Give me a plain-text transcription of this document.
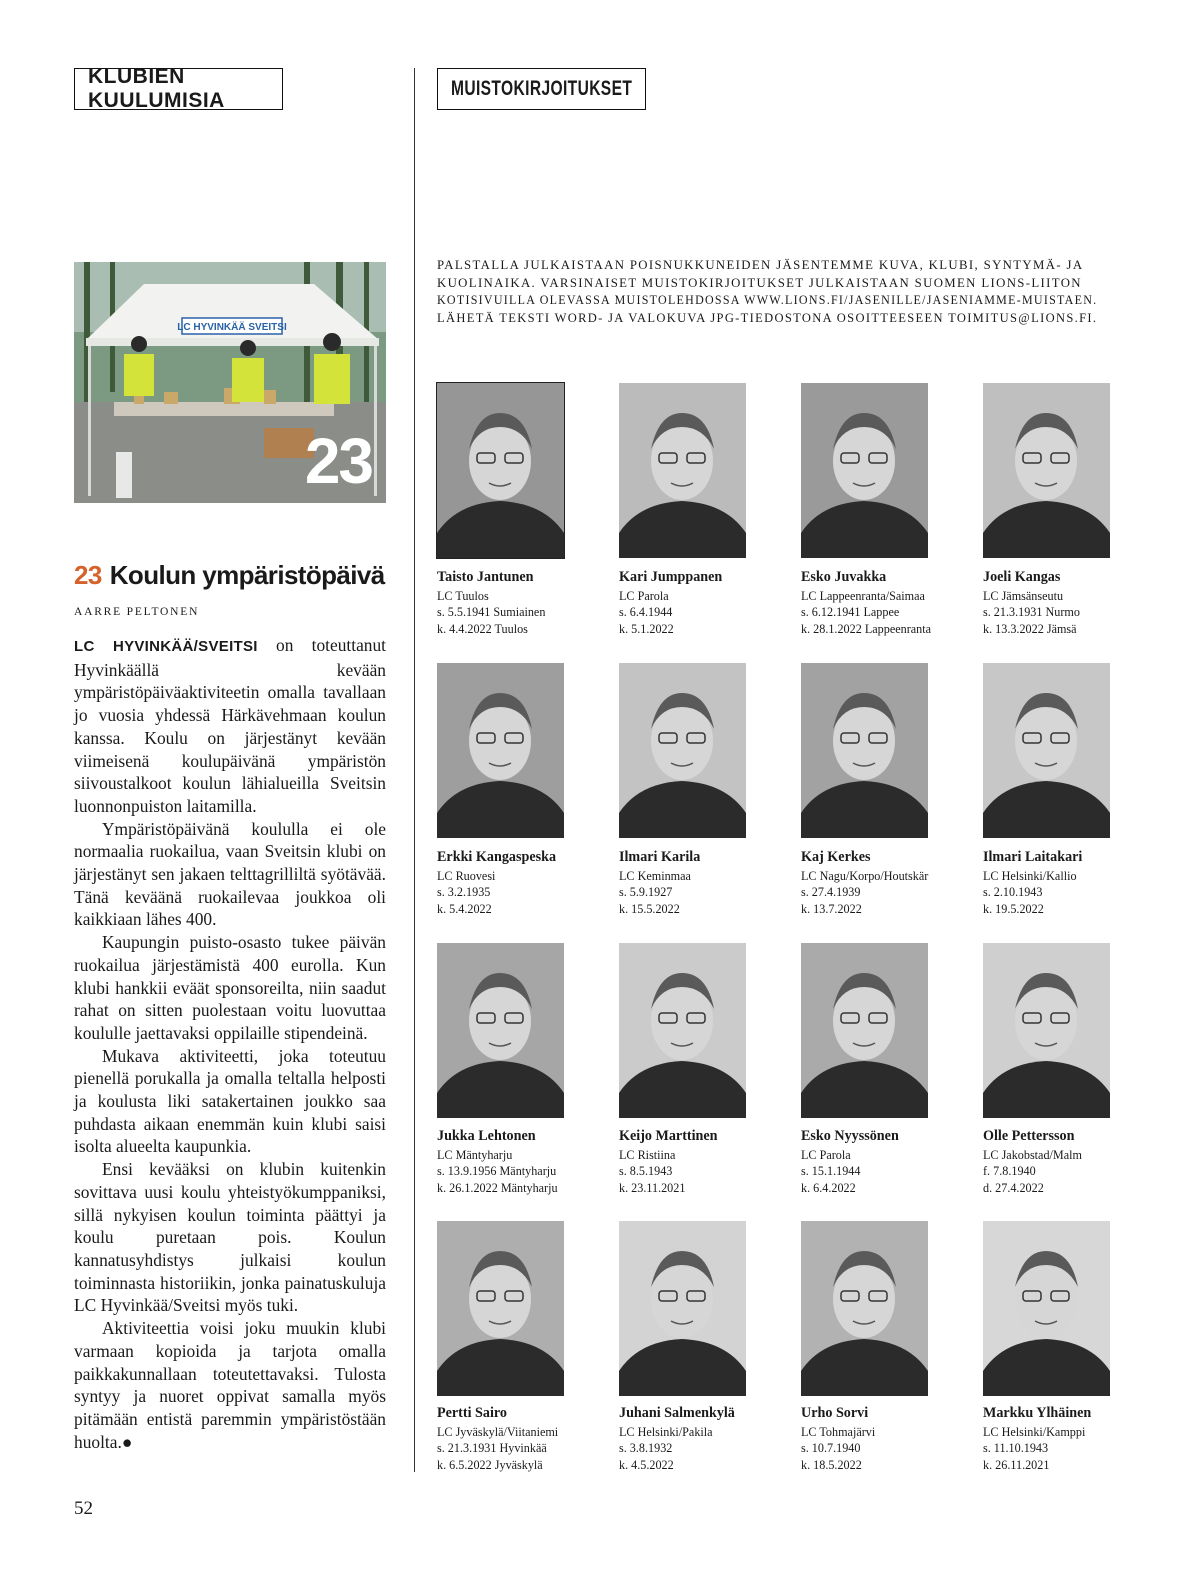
KLUBIEN KUULUMISIA
MUISTOKIRJOITUKSET
LC HYVINKÄÄ SVEITSI
23
23 Koulun ympäristöpäivä
AARRE PELTONEN

LC HYVINKÄÄ/SVEITSI on toteuttanut Hyvinkäällä kevään ympäristöpäiväaktiviteetin omalla tavallaan jo vuosia yhdessä Härkävehmaan koulun kanssa. Koulu on järjestänyt kevään viimeisenä koulupäivänä ympäristön siivoustalkoot koulun lähialueilla Sveitsin luonnonpuiston laitamilla.

Ympäristöpäivänä koululla ei ole normaalia ruokailua, vaan Sveitsin klubi on järjestänyt sen jakaen telttagrilliltä syötävää. Tänä keväänä ruokailevaa joukkoa oli kaikkiaan lähes 400.

Kaupungin puisto-osasto tukee päivän ruokailua järjestämistä 400 eurolla. Kun klubi hankkii eväät sponsoreilta, niin saadut rahat on sitten puolestaan voitu luovuttaa koululle jaettavaksi oppilaille stipendeinä.

Mukava aktiviteetti, joka toteutuu pienellä porukalla ja omalla teltalla helposti ja koulusta liki satakertainen joukko saa puhdasta aikaan enemmän kuin klubi saisi isolta alueelta kaupunkia.

Ensi kevääksi on klubin kuitenkin sovittava uusi koulu yhteistyökumppaniksi, sillä nykyisen koulun toiminta päättyi ja koulu puretaan pois. Koulun kannatusyhdistys julkaisi koulun toiminnasta historiikin, jonka painatuskuluja LC Hyvinkää/Sveitsi myös tuki.

Aktiviteettia voisi joku muukin klubi varmaan kopioida ja tarjota omalla paikkakunnallaan toteutettavaksi. Tulosta syntyy ja nuoret oppivat samalla myös pitämään entistä paremmin ympäristöstään huolta.●

52
PALSTALLA JULKAISTAAN POISNUKKUNEIDEN JÄSENTEMME KUVA, KLUBI, SYNTYMÄ- JA
KUOLINAIKA. VARSINAISET MUISTOKIRJOITUKSET JULKAISTAAN SUOMEN LIONS-LIITON
KOTISIVUILLA OLEVASSA MUISTOLEHDOSSA WWW.LIONS.FI/JASENILLE/JASENIAMME-MUISTAEN.
LÄHETÄ TEKSTI WORD- JA VALOKUVA JPG-TIEDOSTONA OSOITTEESEEN TOIMITUS@LIONS.FI.
Taisto Jantunen
LC Tuulos
s. 5.5.1941 Sumiainen
k. 4.4.2022 Tuulos
Kari Jumppanen
LC Parola
s. 6.4.1944
k. 5.1.2022
Esko Juvakka
LC Lappeenranta/Saimaa
s. 6.12.1941 Lappee
k. 28.1.2022 Lappeenranta
Joeli Kangas
LC Jämsänseutu
s. 21.3.1931 Nurmo
k. 13.3.2022 Jämsä
Erkki Kangaspeska
LC Ruovesi
s. 3.2.1935
k. 5.4.2022
Ilmari Karila
LC Keminmaa
s. 5.9.1927
k. 15.5.2022
Kaj Kerkes
LC Nagu/Korpo/Houtskär
s. 27.4.1939
k. 13.7.2022
Ilmari Laitakari
LC Helsinki/Kallio
s. 2.10.1943
k. 19.5.2022
Jukka Lehtonen
LC Mäntyharju
s. 13.9.1956 Mäntyharju
k. 26.1.2022 Mäntyharju
Keijo Marttinen
LC Ristiina
s. 8.5.1943
k. 23.11.2021
Esko Nyyssönen
LC Parola
s. 15.1.1944
k. 6.4.2022
Olle Pettersson
LC Jakobstad/Malm
f. 7.8.1940
d. 27.4.2022
Pertti Sairo
LC Jyväskylä/Viitaniemi
s. 21.3.1931 Hyvinkää
k. 6.5.2022 Jyväskylä
Juhani Salmenkylä
LC Helsinki/Pakila
s. 3.8.1932
k. 4.5.2022
Urho Sorvi
LC Tohmajärvi
s. 10.7.1940
k. 18.5.2022
Markku Ylhäinen
LC Helsinki/Kamppi
s. 11.10.1943
k. 26.11.2021
